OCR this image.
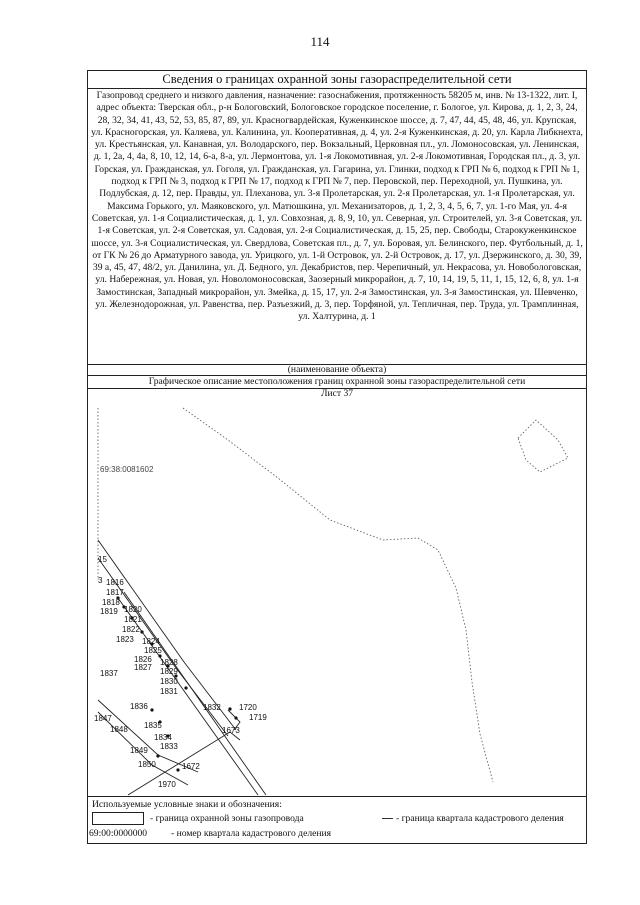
114
Сведения о границах охранной зоны газораспределительной сети
Газопровод среднего и низкого давления, назначение: газоснабжения, протяженность 58205 м, инв. № 13-1322, лит. I, адрес объекта: Тверская обл., р-н Бологовский, Бологовское городское поселение, г. Бологое, ул. Кирова, д. 1, 2, 3, 24, 28, 32, 34, 41, 43, 52, 53, 85, 87, 89, ул. Красногвардейская, Куженкинское шоссе, д. 7, 47, 44, 45, 48, 46, ул. Крупская, ул. Красногорская, ул. Каляева, ул. Калинина, ул. Кооперативная, д. 4, ул. 2-я Куженкинская, д. 20, ул. Карла Либкнехта, ул. Крестьянская, ул. Канавная, ул. Володарского, пер. Вокзальный, Церковная пл., ул. Ломоносовская, ул. Ленинская, д. 1, 2а, 4, 4а, 8, 10, 12, 14, 6-а, 8-а, ул. Лермонтова, ул. 1-я Локомотивная, ул. 2-я Локомотивная, Городская пл., д. 3, ул. Горская, ул. Гражданская, ул. Гоголя, ул. Гражданская, ул. Гагарина, ул. Глинки, подход к ГРП № 6, подход к ГРП № 1, подход к ГРП № 3, подход к ГРП № 17, подход к ГРП № 7, пер. Перовской, пер. Переходной, ул. Пушкина, ул. Подлубская, д. 12, пер. Правды, ул. Плеханова, ул. 3-я Пролетарская, ул. 2-я Пролетарская, ул. 1-я Пролетарская, ул. Максима Горького, ул. Маяковского, ул. Матюшкина, ул. Механизаторов, д. 1, 2, 3, 4, 5, 6, 7, ул. 1-го Мая, ул. 4-я Советская, ул. 1-я Социалистическая, д. 1, ул. Совхозная, д. 8, 9, 10, ул. Северная, ул. Строителей, ул. 3-я Советская, ул. 1-я Советская, ул. 2-я Советская, ул. Садовая, ул. 2-я Социалистическая, д. 15, 25, пер. Свободы, Старокуженкинское шоссе, ул. 3-я Социалистическая, ул. Свердлова, Советская пл., д. 7, ул. Боровая, ул. Белинского, пер. Футбольный, д. 1, от ГК № 26 до Арматурного завода, ул. Урицкого, ул. 1-й Островок, ул. 2-й Островок, д. 17, ул. Дзержинского, д. 30, 39, 39 а, 45, 47, 48/2, ул. Данилина, ул. Д. Бедного, ул. Декабристов, пер. Черепичный, ул. Некрасова, ул. Новобологовская, ул. Набережная, ул. Новая, ул. Новоломоносовская, Заозерный микрорайон, д. 7, 10, 14, 19, 5, 11, 1, 15, 12, 6, 8, ул. 1-я Замостинская, Западный микрорайон, ул. Змейка, д. 15, 17, ул. 2-я Замостинская, ул. 3-я Замостинская, ул. Шевченко, ул. Железнодорожная, ул. Равенства, пер. Разъезжий, д. 3, пер. Торфяной, ул. Тепличная, пер. Труда, ул. Трамплинная, ул. Халтурина, д. 1
(наименование объекта)
Графическое описание местоположения границ охранной зоны газораспределительной сети
Лист 37
69:38:0081602
15
3 1816
1817
1818
1819 1820
1821
1822
1823 1824
1825
1826 1828
1827 1829
1837
1830
1831
1836	1832 1720
1847	1719
1835
1848	1673
1834
1833
1849
1850	1672
1970
Используемые условные знаки и обозначения:
- граница охранной зоны газопровода	- граница квартала кадастрового деления
69:00:0000000 - номер квартала кадастрового деления
